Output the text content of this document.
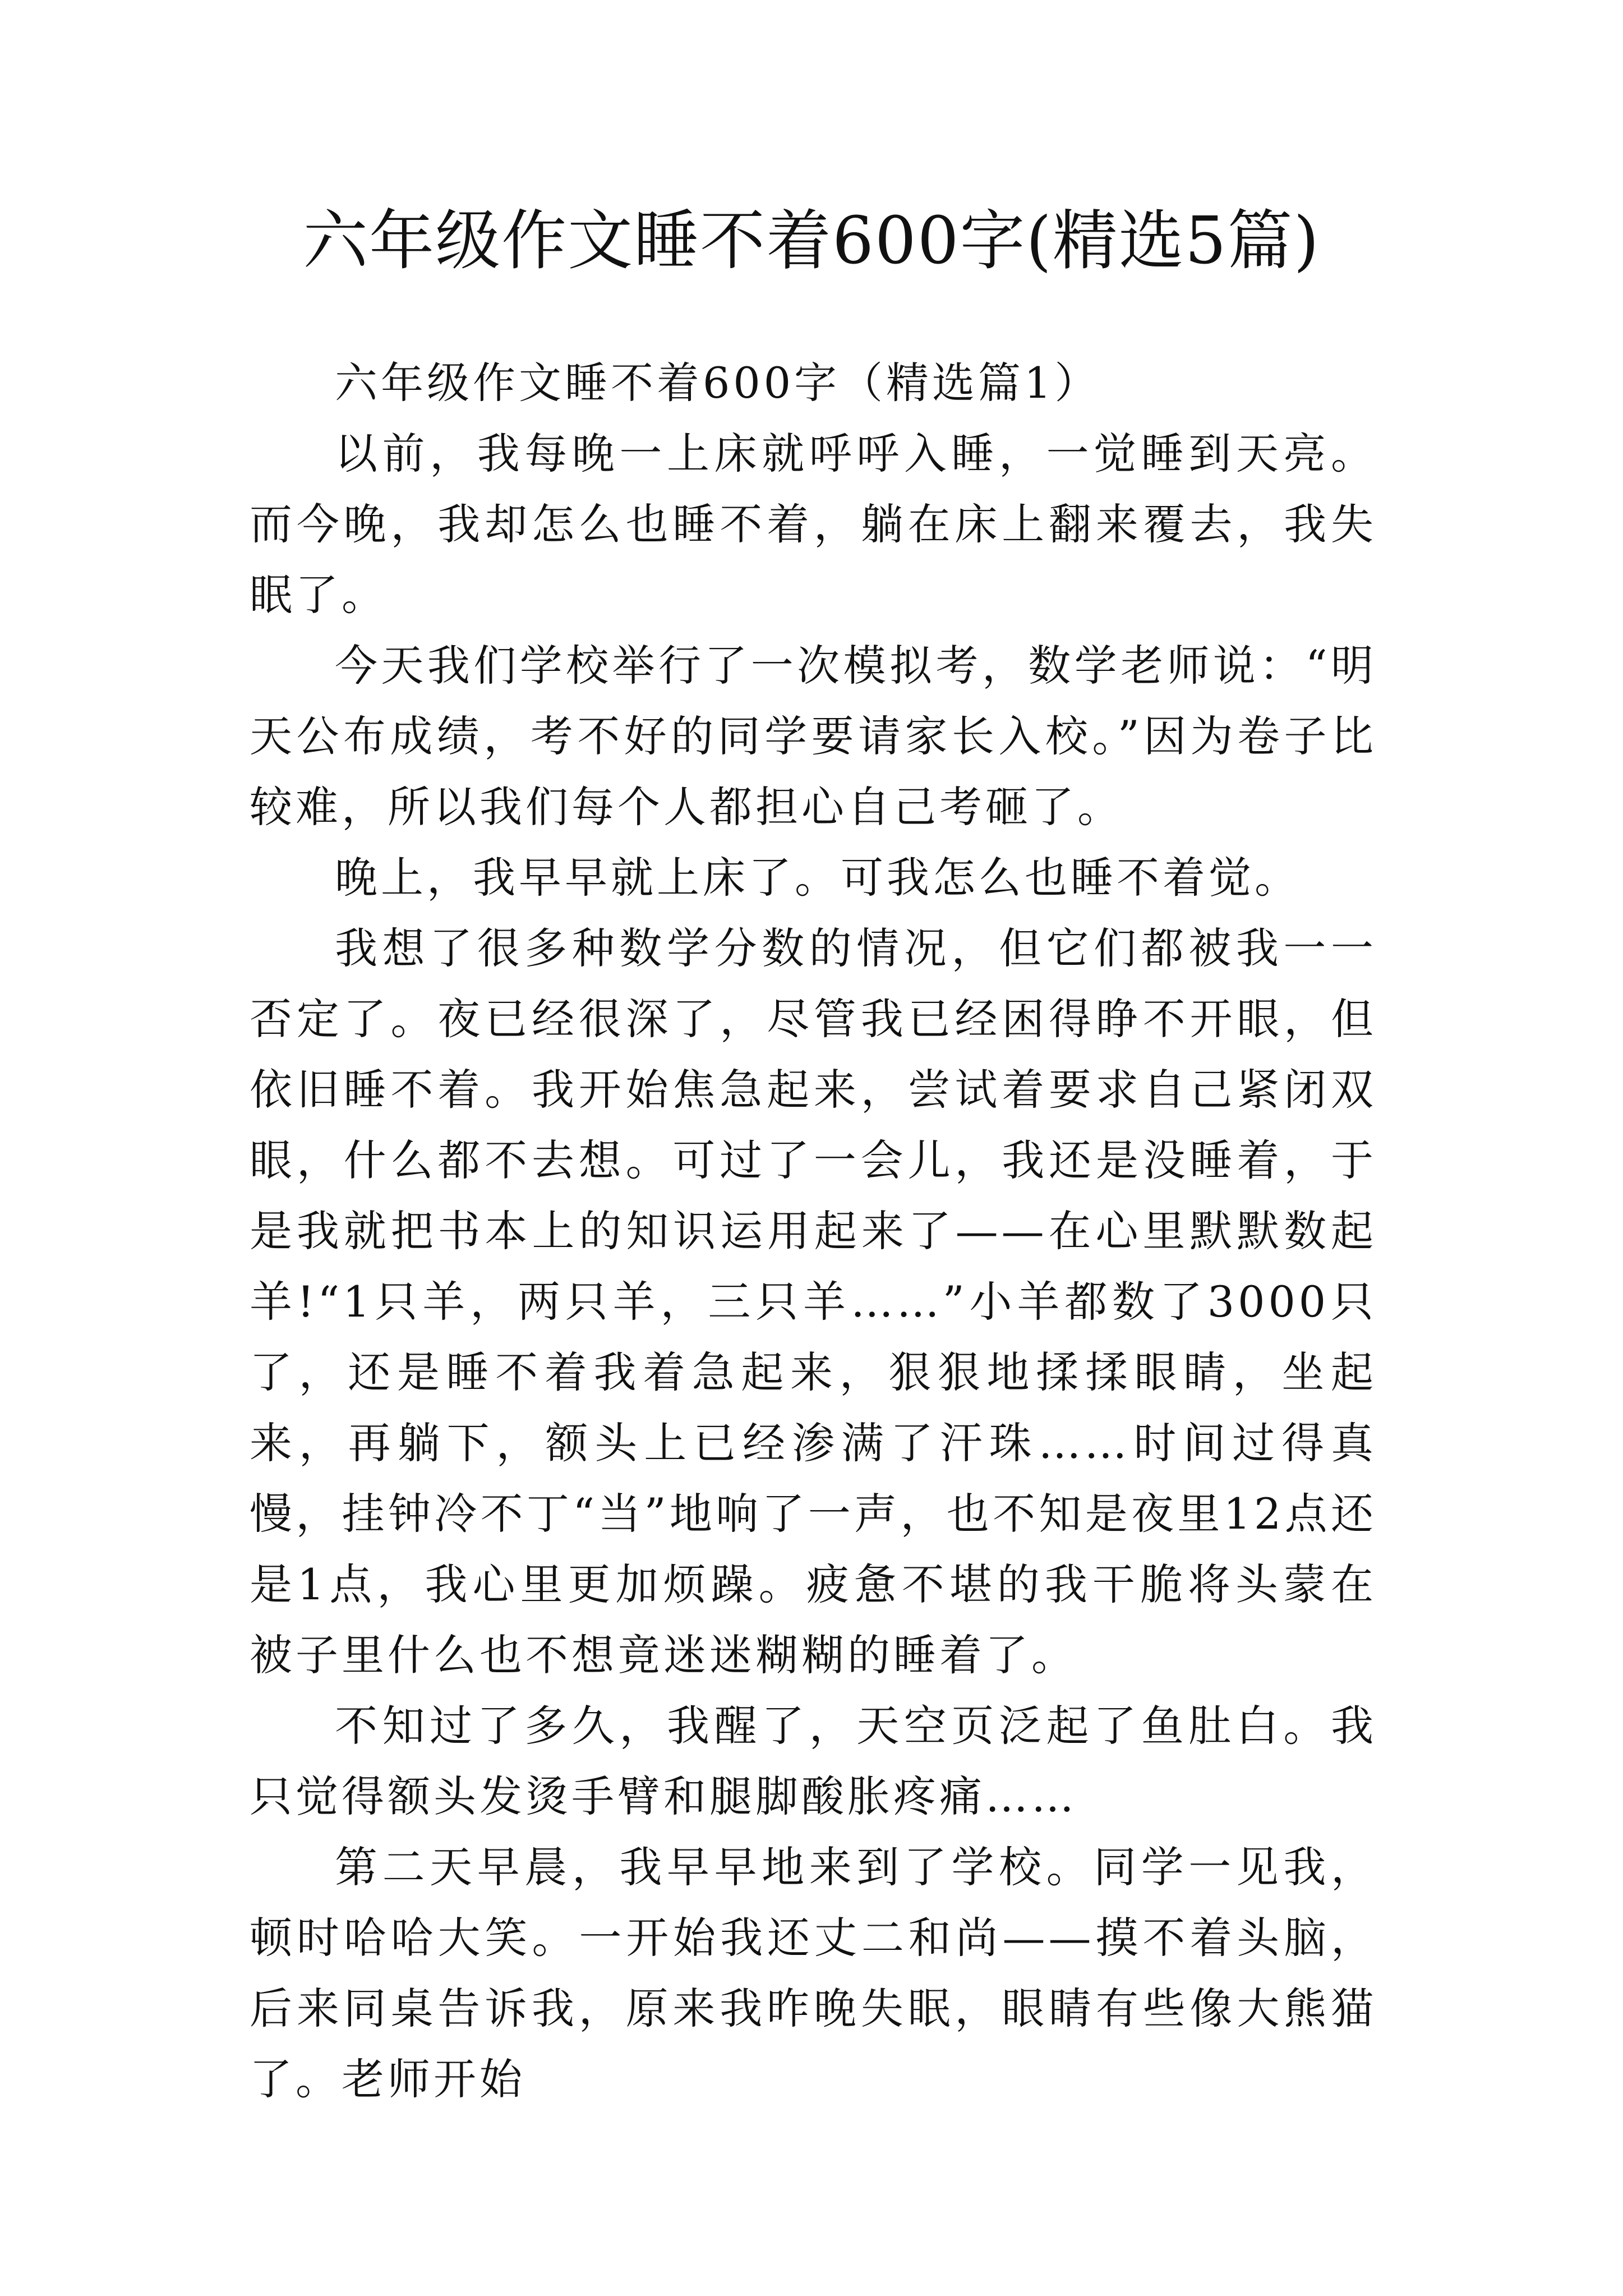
六年级作文睡不着600字(精选5篇)

六年级作文睡不着600字（精选篇1）

以前，我每晚一上床就呼呼入睡，一觉睡到天亮。而今晚，我却怎么也睡不着，躺在床上翻来覆去，我失眠了。

今天我们学校举行了一次模拟考，数学老师说：“明天公布成绩，考不好的同学要请家长入校。”因为卷子比较难，所以我们每个人都担心自己考砸了。

晚上，我早早就上床了。可我怎么也睡不着觉。

我想了很多种数学分数的情况，但它们都被我一一否定了。夜已经很深了，尽管我已经困得睁不开眼，但依旧睡不着。我开始焦急起来，尝试着要求自己紧闭双眼，什么都不去想。可过了一会儿，我还是没睡着，于是我就把书本上的知识运用起来了——在心里默默数起羊!“1只羊，两只羊，三只羊……”小羊都数了3000只了，还是睡不着我着急起来，狠狠地揉揉眼睛，坐起来，再躺下，额头上已经渗满了汗珠……时间过得真慢，挂钟冷不丁“当”地响了一声，也不知是夜里12点还是1点，我心里更加烦躁。疲惫不堪的我干脆将头蒙在被子里什么也不想竟迷迷糊糊的睡着了。

不知过了多久，我醒了，天空页泛起了鱼肚白。我只觉得额头发烫手臂和腿脚酸胀疼痛……

第二天早晨，我早早地来到了学校。同学一见我，顿时哈哈大笑。一开始我还丈二和尚——摸不着头脑，后来同桌告诉我，原来我昨晚失眠，眼睛有些像大熊猫了。老师开始
